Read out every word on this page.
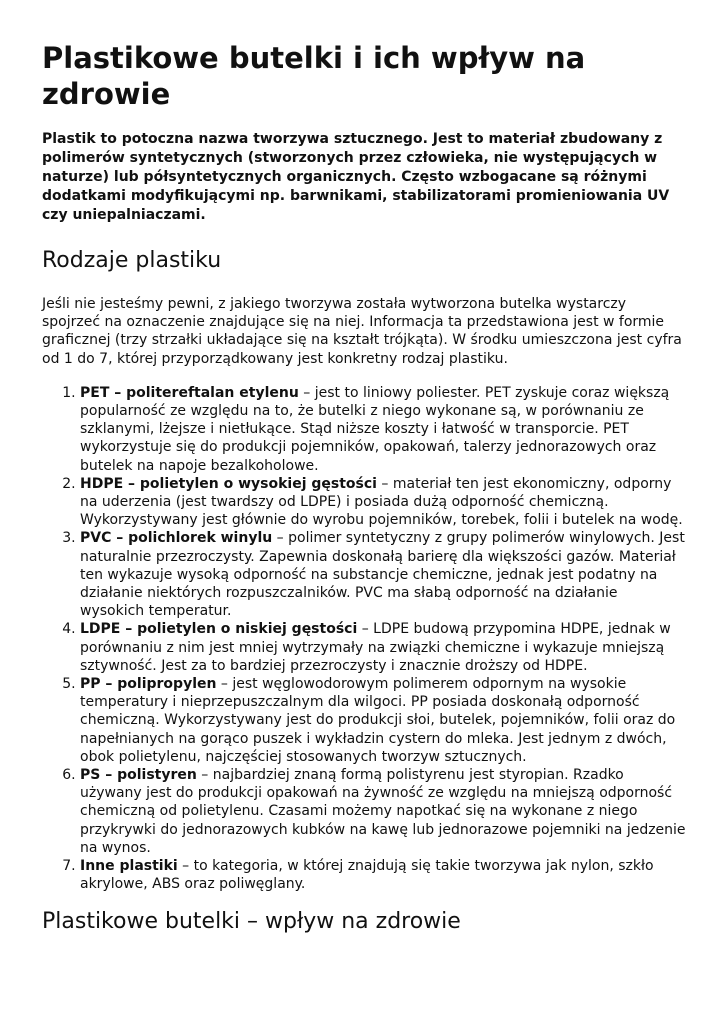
Plastikowe butelki i ich wpływ na zdrowie

Plastik to potoczna nazwa tworzywa sztucznego. Jest to materiał zbudowany z polimerów syntetycznych (stworzonych przez człowieka, nie występujących w naturze) lub półsyntetycznych organicznych. Często wzbogacane są różnymi dodatkami modyfikującymi np. barwnikami, stabilizatorami promieniowania UV czy uniepalniaczami.

Rodzaje plastiku

Jeśli nie jesteśmy pewni, z jakiego tworzywa została wytworzona butelka wystarczy spojrzeć na oznaczenie znajdujące się na niej. Informacja ta przedstawiona jest w formie graficznej (trzy strzałki układające się na kształt trójkąta). W środku umieszczona jest cyfra od 1 do 7, której przyporządkowany jest konkretny rodzaj plastiku.

1. PET – politereftalan etylenu – jest to liniowy poliester. PET zyskuje coraz większą popularność ze względu na to, że butelki z niego wykonane są, w porównaniu ze szklanymi, lżejsze i nietłukące. Stąd niższe koszty i łatwość w transporcie. PET wykorzystuje się do produkcji pojemników, opakowań, talerzy jednorazowych oraz butelek na napoje bezalkoholowe.
2. HDPE – polietylen o wysokiej gęstości – materiał ten jest ekonomiczny, odporny na uderzenia (jest twardszy od LDPE) i posiada dużą odporność chemiczną. Wykorzystywany jest głównie do wyrobu pojemników, torebek, folii i butelek na wodę.
3. PVC – polichlorek winylu – polimer syntetyczny z grupy polimerów winylowych. Jest naturalnie przezroczysty. Zapewnia doskonałą barierę dla większości gazów. Materiał ten wykazuje wysoką odporność na substancje chemiczne, jednak jest podatny na działanie niektórych rozpuszczalników. PVC ma słabą odporność na działanie wysokich temperatur.
4. LDPE – polietylen o niskiej gęstości – LDPE budową przypomina HDPE, jednak w porównaniu z nim jest mniej wytrzymały na związki chemiczne i wykazuje mniejszą sztywność. Jest za to bardziej przezroczysty i znacznie droższy od HDPE.
5. PP – polipropylen – jest węglowodorowym polimerem odpornym na wysokie temperatury i nieprzepuszczalnym dla wilgoci. PP posiada doskonałą odporność chemiczną. Wykorzystywany jest do produkcji słoi, butelek, pojemników, folii oraz do napełnianych na gorąco puszek i wykładzin cystern do mleka. Jest jednym z dwóch, obok polietylenu, najczęściej stosowanych tworzyw sztucznych.
6. PS – polistyren – najbardziej znaną formą polistyrenu jest styropian. Rzadko używany jest do produkcji opakowań na żywność ze względu na mniejszą odporność chemiczną od polietylenu. Czasami możemy napotkać się na wykonane z niego przykrywki do jednorazowych kubków na kawę lub jednorazowe pojemniki na jedzenie na wynos.
7. Inne plastiki – to kategoria, w której znajdują się takie tworzywa jak nylon, szkło akrylowe, ABS oraz poliwęglany.
Plastikowe butelki – wpływ na zdrowie
